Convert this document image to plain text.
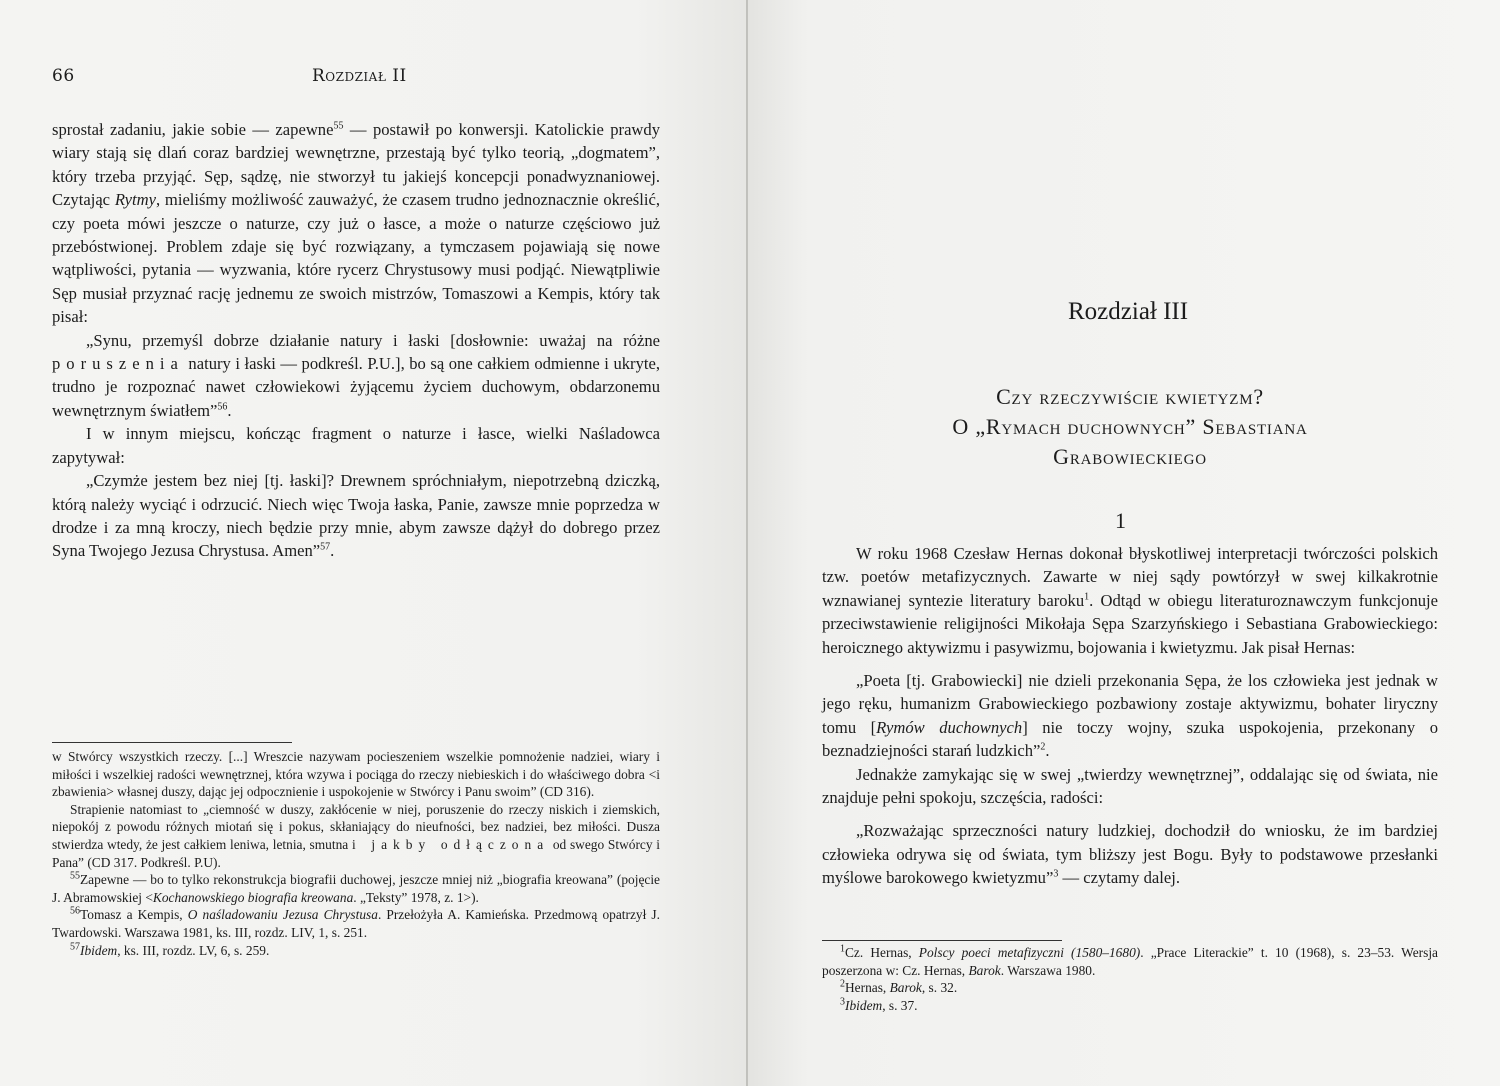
66	Rozdział II

sprostał zadaniu, jakie sobie — zapewne$^{55}$ — postawił po konwersji. Katolickie prawdy wiary stają się dlań coraz bardziej wewnętrzne, przestają być tylko teorią, „dogmatem”, który trzeba przyjąć. Sęp, sądzę, nie stworzył tu jakiejś koncepcji ponadwyznaniowej. Czytając Rytmy, mieliśmy możliwość zauważyć, że czasem trudno jednoznacznie określić, czy poeta mówi jeszcze o naturze, czy już o łasce, a może o naturze częściowo już przebóstwionej. Problem zdaje się być rozwiązany, a tymczasem pojawiają się nowe wątpliwości, pytania — wyzwania, które rycerz Chrystusowy musi podjąć. Niewątpliwie Sęp musiał przyznać rację jednemu ze swoich mistrzów, Tomaszowi a Kempis, który tak pisał:

„Synu, przemyśl dobrze działanie natury i łaski [dosłownie: uważaj na różne poruszenia natury i łaski — podkreśl. P.U.], bo są one całkiem odmienne i ukryte, trudno je rozpoznać nawet człowiekowi żyjącemu życiem duchowym, obdarzonemu wewnętrznym światłem”$^{56}$.

I w innym miejscu, kończąc fragment o naturze i łasce, wielki Naśladowca zapytywał:

„Czymże jestem bez niej [tj. łaski]? Drewnem spróchniałym, niepotrzebną dziczką, którą należy wyciąć i odrzucić. Niech więc Twoja łaska, Panie, zawsze mnie poprzedza w drodze i za mną kroczy, niech będzie przy mnie, abym zawsze dążył do dobrego przez Syna Twojego Jezusa Chrystusa. Amen”$^{57}$.

w Stwórcy wszystkich rzeczy. [...] Wreszcie nazywam pocieszeniem wszelkie pomnożenie nadziei, wiary i miłości i wszelkiej radości wewnętrznej, która wzywa i pociąga do rzeczy niebieskich i do właściwego dobra <i zbawienia> własnej duszy, dając jej odpocznienie i uspokojenie w Stwórcy i Panu swoim” (CD 316).

Strapienie natomiast to „ciemność w duszy, zakłócenie w niej, poruszenie do rzeczy niskich i ziemskich, niepokój z powodu różnych miotań się i pokus, skłaniający do nieufności, bez nadziei, bez miłości. Dusza stwierdza wtedy, że jest całkiem leniwa, letnia, smutna i jakby odłączona od swego Stwórcy i Pana” (CD 317. Podkreśl. P.U).

$^{55}$Zapewne — bo to tylko rekonstrukcja biografii duchowej, jeszcze mniej niż „biografia kreowana” (pojęcie J. Abramowskiej <Kochanowskiego biografia kreowana. „Teksty” 1978, z. 1>).

$^{56}$Tomasz a Kempis, O naśladowaniu Jezusa Chrystusa. Przełożyła A. Kamieńska. Przedmową opatrzył J. Twardowski. Warszawa 1981, ks. III, rozdz. LIV, 1, s. 251.

$^{57}$Ibidem, ks. III, rozdz. LV, 6, s. 259.

Rozdział III
Czy rzeczywiście kwietyzm?
O „Rymach duchownych” Sebastiana
Grabowieckiego
1

W roku 1968 Czesław Hernas dokonał błyskotliwej interpretacji twórczości polskich tzw. poetów metafizycznych. Zawarte w niej sądy powtórzył w swej kilkakrotnie wznawianej syntezie literatury baroku$^1$. Odtąd w obiegu literaturoznawczym funkcjonuje przeciwstawienie religijności Mikołaja Sępa Szarzyńskiego i Sebastiana Grabowieckiego: heroicznego aktywizmu i pasywizmu, bojowania i kwietyzmu. Jak pisał Hernas:

„Poeta [tj. Grabowiecki] nie dzieli przekonania Sępa, że los człowieka jest jednak w jego ręku, humanizm Grabowieckiego pozbawiony zostaje aktywizmu, bohater liryczny tomu [Rymów duchownych] nie toczy wojny, szuka uspokojenia, przekonany o beznadziejności starań ludzkich”$^2$.

Jednakże zamykając się w swej „twierdzy wewnętrznej”, oddalając się od świata, nie znajduje pełni spokoju, szczęścia, radości:

„Rozważając sprzeczności natury ludzkiej, dochodził do wniosku, że im bardziej człowieka odrywa się od świata, tym bliższy jest Bogu. Były to podstawowe przesłanki myślowe barokowego kwietyzmu”$^3$ — czytamy dalej.

$^1$Cz. Hernas, Polscy poeci metafizyczni (1580–1680). „Prace Literackie” t. 10 (1968), s. 23–53. Wersja poszerzona w: Cz. Hernas, Barok. Warszawa 1980.

$^2$Hernas, Barok, s. 32.

$^3$Ibidem, s. 37.
